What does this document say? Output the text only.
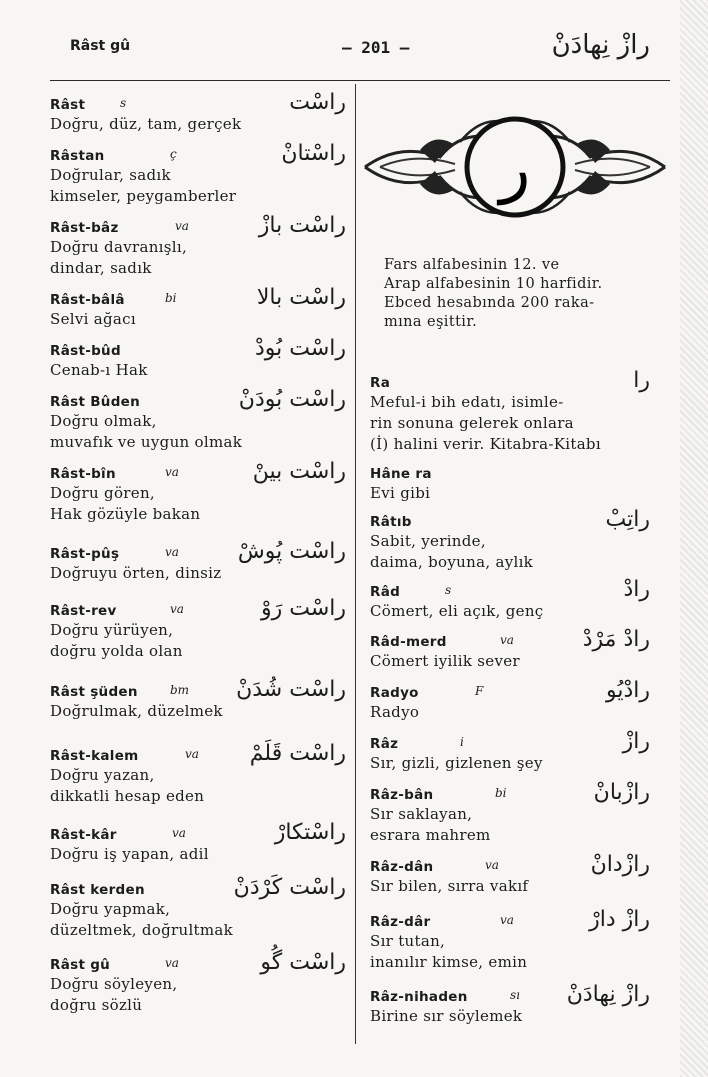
Râst gû	– 201 –	رازْ نِهادَنْ
Râst	s	راسْت
Doğru, düz, tam, gerçek
Râstan	ç	راسْتانْ
Doğrular, sadık
kimseler, peygamberler
Râst-bâz	va	راسْت بازْ
Doğru davranışlı,
dindar, sadık
Râst-bâlâ	bi	راسْت بالا
Selvi ağacı
Râst-bûd	راسْت بُودْ
Cenab-ı Hak
Râst Bûden	راسْت بُودَنْ
Doğru olmak,
muvafık ve uygun olmak
Râst-bîn	va	راسْت بينْ
Doğru gören,
Hak gözüyle bakan
Râst-pûş	va	راسْت پُوشْ
Doğruyu örten, dinsiz
Râst-rev	va	راسْت رَوْ
Doğru yürüyen,
doğru yolda olan
Râst şüden	bm راسْت شُدَنْ
Doğrulmak, düzelmek
Râst-kalem	va راسْت قَلَمْ
Doğru yazan,
dikkatli hesap eden
Râst-kâr	va	راسْتكارْ
Doğru iş yapan, adil
Râst kerden	راسْت كَرْدَنْ
Doğru yapmak,
düzeltmek, doğrultmak
Râst gû	va	راسْت گُو
Doğru söyleyen,
doğru sözlü
ر
Fars alfabesinin 12. ve
Arap alfabesinin 10 harfidir.
Ebced hesabında 200 raka-
mına eşittir.
Ra	را
Meful-i bih edatı, isimle-
rin sonuna gelerek onlara
(İ) halini verir. Kitabra-Kitabı
Hâne ra
Evi gibi
Râtıb	راتِبْ
Sabit, yerinde,
daima, boyuna, aylık
Râd	s	رادْ
Cömert, eli açık, genç
Râd-merd	va	رادْ مَرْدْ
Cömert iyilik sever
Radyo	F	رادْيُو
Radyo
Râz	i	رازْ
Sır, gizli, gizlenen şey
Râz-bân	bi	رازْبانْ
Sır saklayan,
esrara mahrem
Râz-dân	va	رازْدانْ
Sır bilen, sırra vakıf
Râz-dâr	va	رازْ دارْ
Sır tutan,
inanılır kimse, emin
Râz-nihaden	sı رازْ نِهادَنْ
Birine sır söylemek
